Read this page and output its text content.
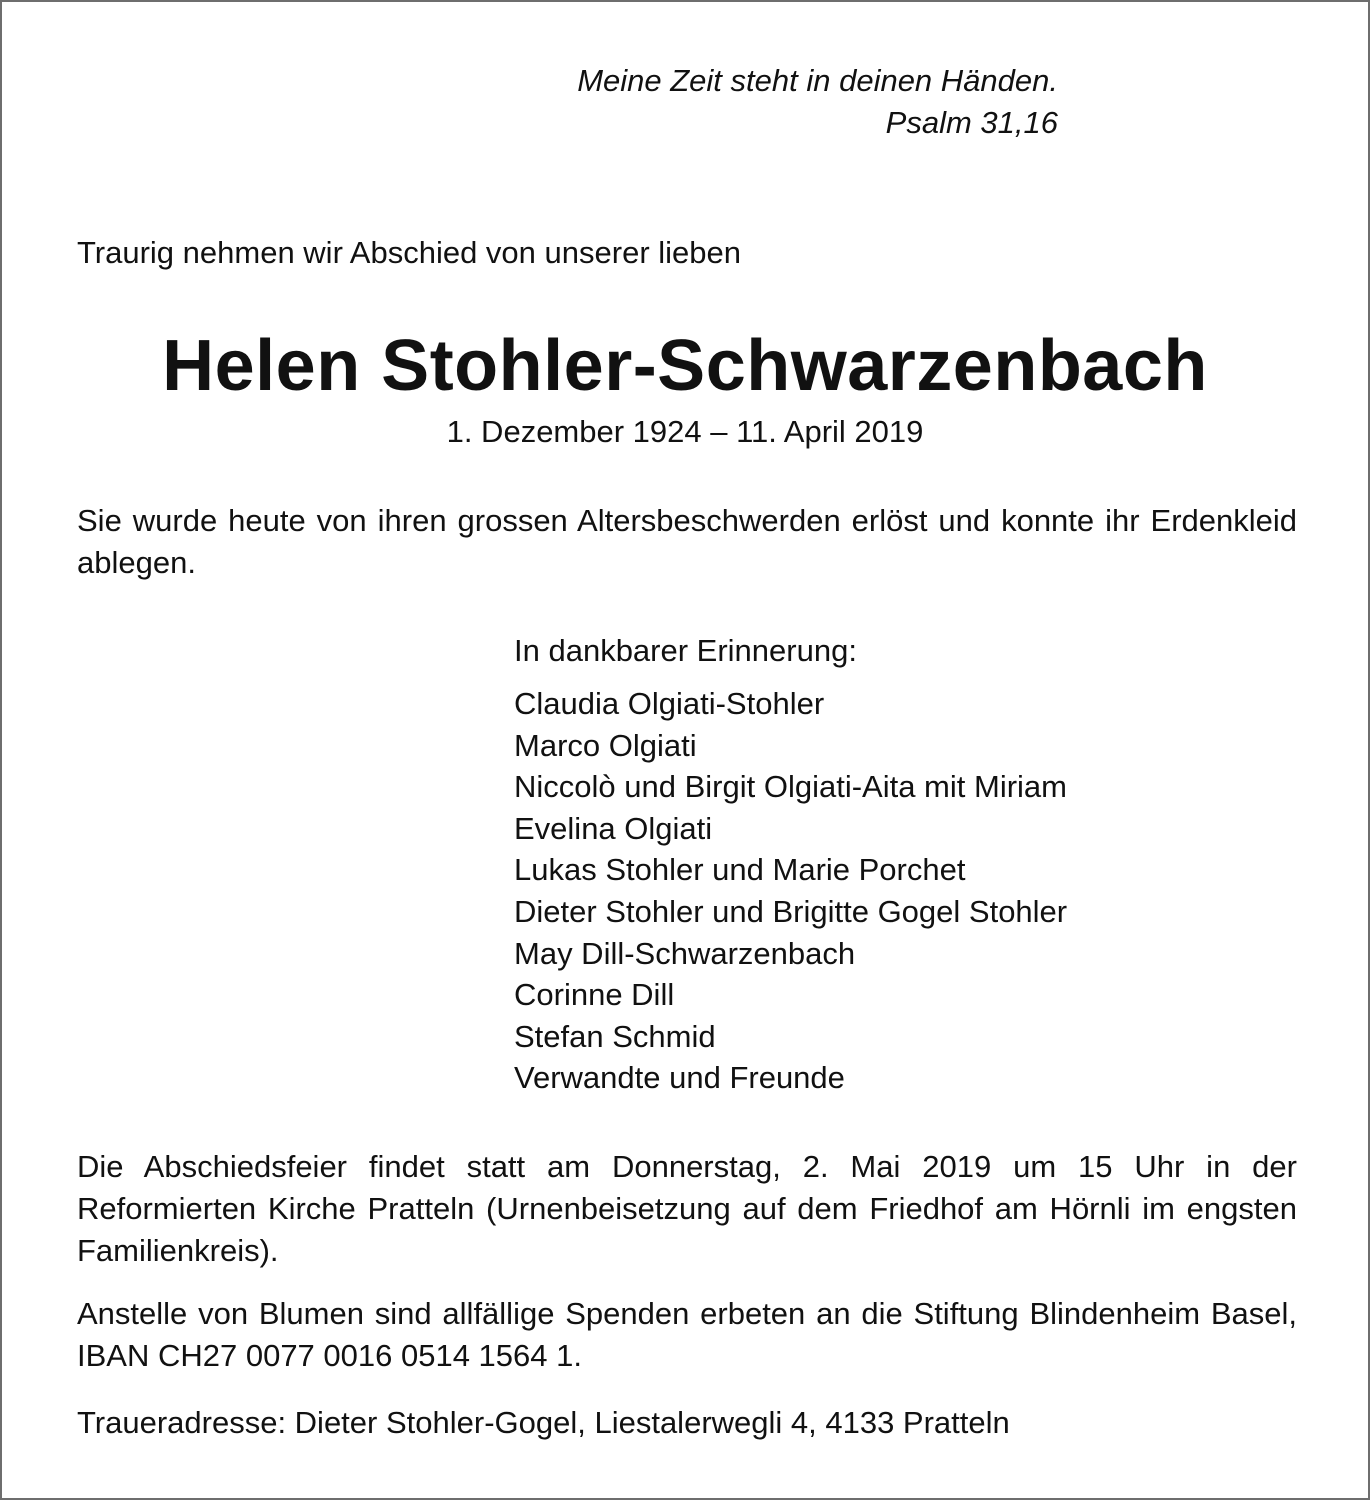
Meine Zeit steht in deinen Händen.
Psalm 31,16
Traurig nehmen wir Abschied von unserer lieben
Helen Stohler-Schwarzenbach
1. Dezember 1924 – 11. April 2019
Sie wurde heute von ihren grossen Altersbeschwerden erlöst und konnte ihr Erdenkleid ablegen.
In dankbarer Erinnerung:
Claudia Olgiati-Stohler
Marco Olgiati
Niccolò und Birgit Olgiati-Aita mit Miriam
Evelina Olgiati
Lukas Stohler und Marie Porchet
Dieter Stohler und Brigitte Gogel Stohler
May Dill-Schwarzenbach
Corinne Dill
Stefan Schmid
Verwandte und Freunde
Die Abschiedsfeier findet statt am Donnerstag, 2. Mai 2019 um 15 Uhr in der Reformierten Kirche Pratteln (Urnenbeisetzung auf dem Friedhof am Hörnli im engsten Familienkreis).
Anstelle von Blumen sind allfällige Spenden erbeten an die Stiftung Blindenheim Basel, IBAN CH27 0077 0016 0514 1564 1.
Traueradresse: Dieter Stohler-Gogel, Liestalerwegli 4, 4133 Pratteln
